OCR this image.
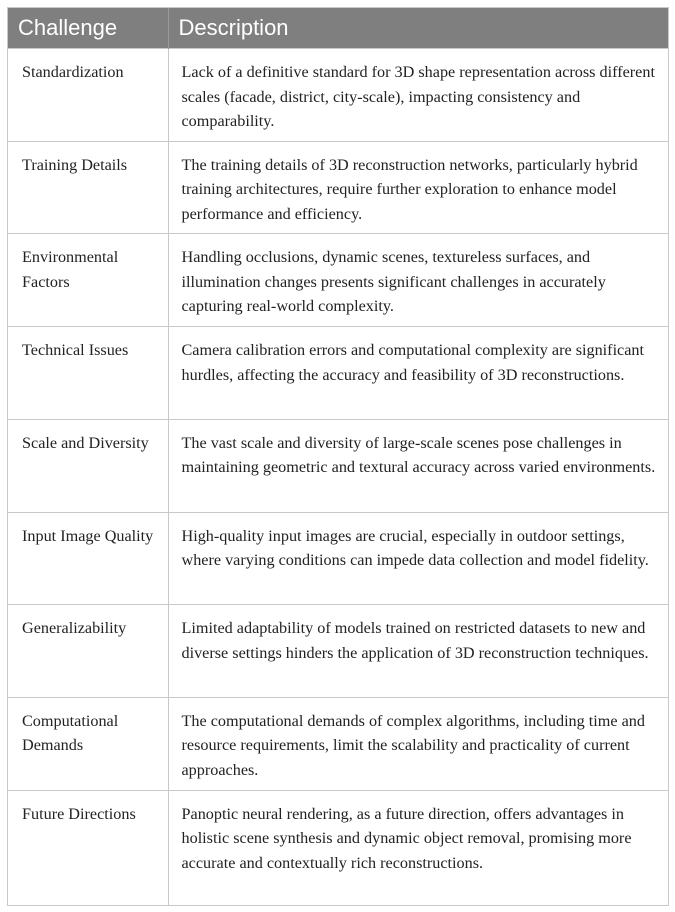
Challenge	Description
Standardization	Lack of a definitive standard for 3D shape representation across different scales (facade, district, city-scale), impacting consistency and comparability.
Training Details	The training details of 3D reconstruction networks, particularly hybrid training architectures, require further exploration to enhance model performance and efficiency.
Environmental Factors	Handling occlusions, dynamic scenes, textureless surfaces, and illumination changes presents significant challenges in accurately capturing real-world complexity.
Technical Issues	Camera calibration errors and computational complexity are significant hurdles, affecting the accuracy and feasibility of 3D reconstructions.
Scale and Diversity	The vast scale and diversity of large-scale scenes pose challenges in maintaining geometric and textural accuracy across varied environments.
Input Image Quality	High-quality input images are crucial, especially in outdoor settings, where varying conditions can impede data collection and model fidelity.
Generalizability	Limited adaptability of models trained on restricted datasets to new and diverse settings hinders the application of 3D reconstruction techniques.
Computational Demands	The computational demands of complex algorithms, including time and resource requirements, limit the scalability and practicality of current approaches.
Future Directions	Panoptic neural rendering, as a future direction, offers advantages in holistic scene synthesis and dynamic object removal, promising more accurate and contextually rich reconstructions.
